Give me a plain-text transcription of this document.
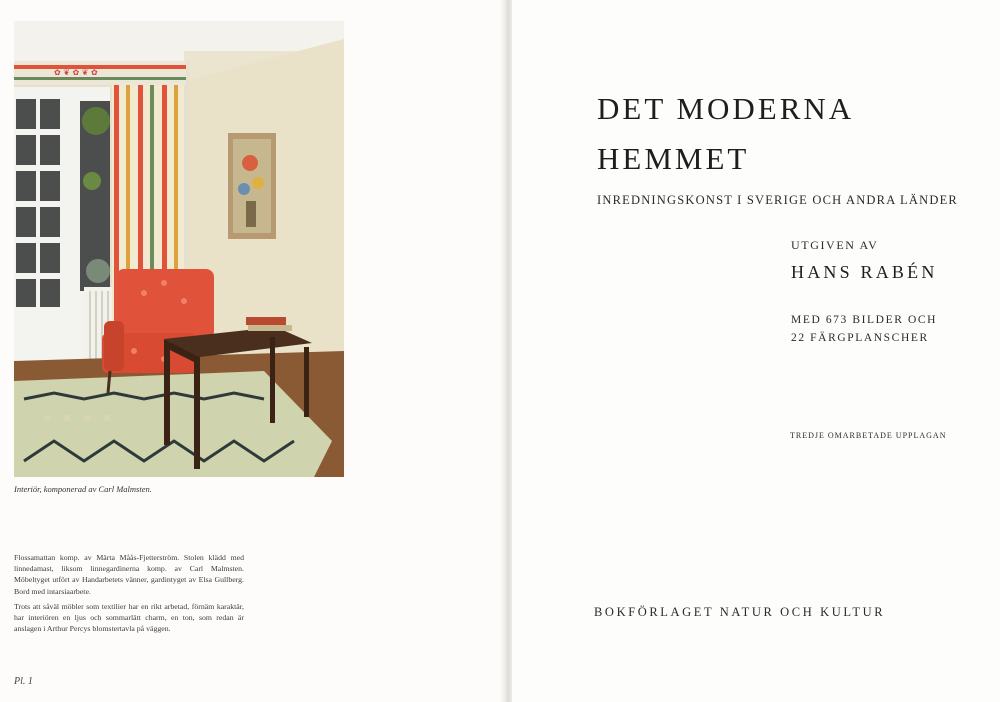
✿ ❦ ✿ ❦ ✿
Interiör, komponerad av Carl Malmsten.

Flossamattan komp. av Märta Måås-Fjetterström. Stolen klädd med linnedamast, liksom linnegardinerna komp. av Carl Malmsten. Möbeltyget utfört av Handarbetets vänner, gardintyget av Elsa Gullberg. Bord med intarsiaarbete.

Trots att såväl möbler som textilier har en rikt arbetad, förnäm karaktär, har interiören en ljus och sommarlätt charm, en ton, som redan är anslagen i Arthur Percys blomstertavla på väggen.

Pl. 1
DET MODERNA
HEMMET
INREDNINGSKONST I SVERIGE OCH ANDRA LÄNDER
UTGIVEN AV
HANS RABÉN
MED 673 BILDER OCH
22 FÄRGPLANSCHER
TREDJE OMARBETADE UPPLAGAN
BOKFÖRLAGET NATUR OCH KULTUR
